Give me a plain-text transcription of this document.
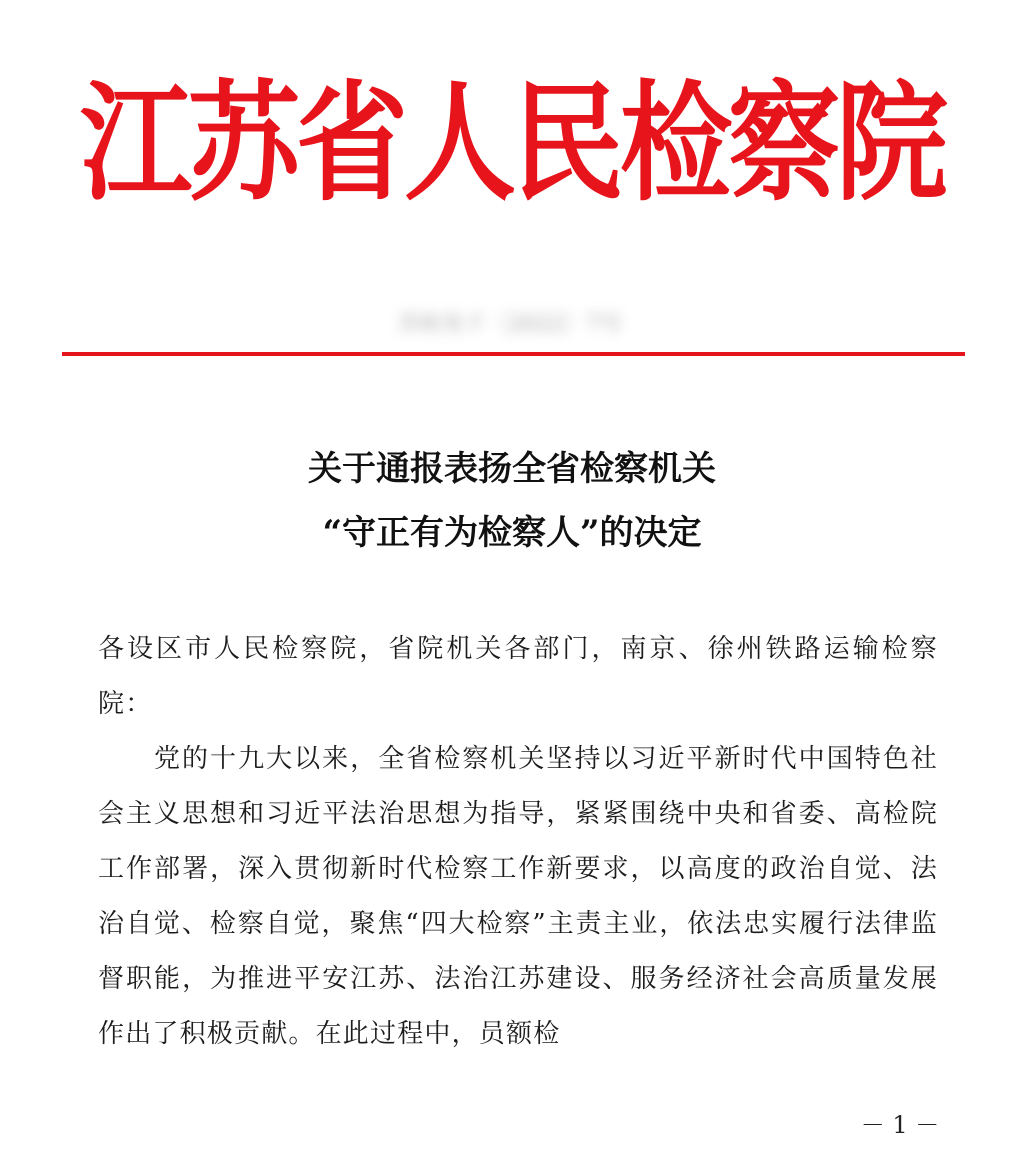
江苏省人民检察院
苏检发干〔2022〕7号
关于通报表扬全省检察机关
“守正有为检察人”的决定

各设区市人民检察院，省院机关各部门，南京、徐州铁路运输检察院：

党的十九大以来，全省检察机关坚持以习近平新时代中国特色社会主义思想和习近平法治思想为指导，紧紧围绕中央和省委、高检院工作部署，深入贯彻新时代检察工作新要求，以高度的政治自觉、法治自觉、检察自觉，聚焦“四大检察”主责主业，依法忠实履行法律监督职能，为推进平安江苏、法治江苏建设、服务经济社会高质量发展作出了积极贡献。在此过程中，员额检

－ 1 －
